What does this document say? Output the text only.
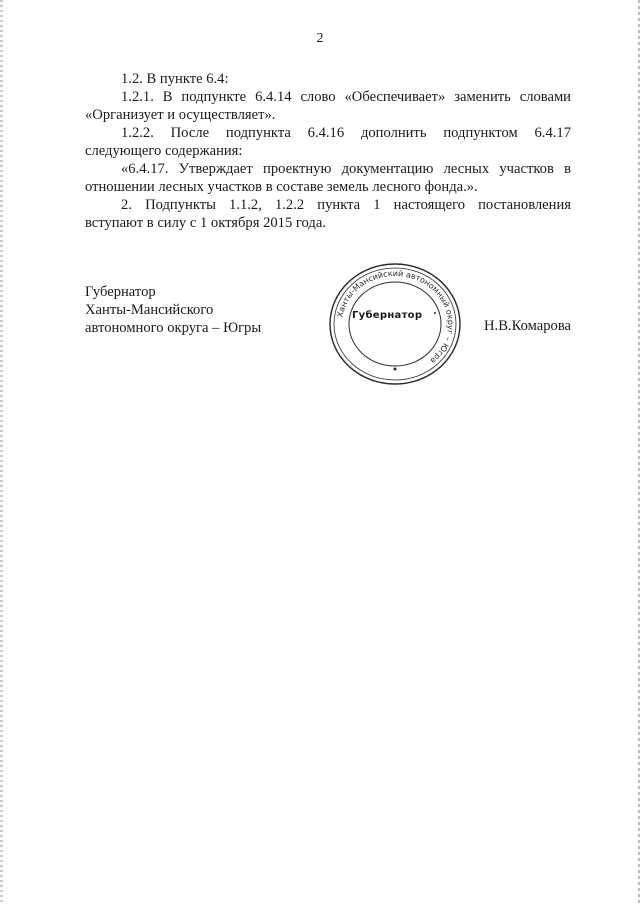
2
1.2. В пункте 6.4:
1.2.1. В подпункте 6.4.14 слово «Обеспечивает» заменить словами
«Организует и осуществляет».
1.2.2. После подпункта 6.4.16 дополнить подпунктом 6.4.17
следующего содержания:
«6.4.17. Утверждает проектную документацию лесных участков в
отношении лесных участков в составе земель лесного фонда.».
2. Подпункты 1.1.2, 1.2.2 пункта 1 настоящего постановления
вступают в силу с 1 октября 2015 года.
Губернатор
Ханты-Мансийского
автономного округа – Югры	Н.В.Комарова
Ханты-Мансийский автономный округ – Югра
Губернатор
